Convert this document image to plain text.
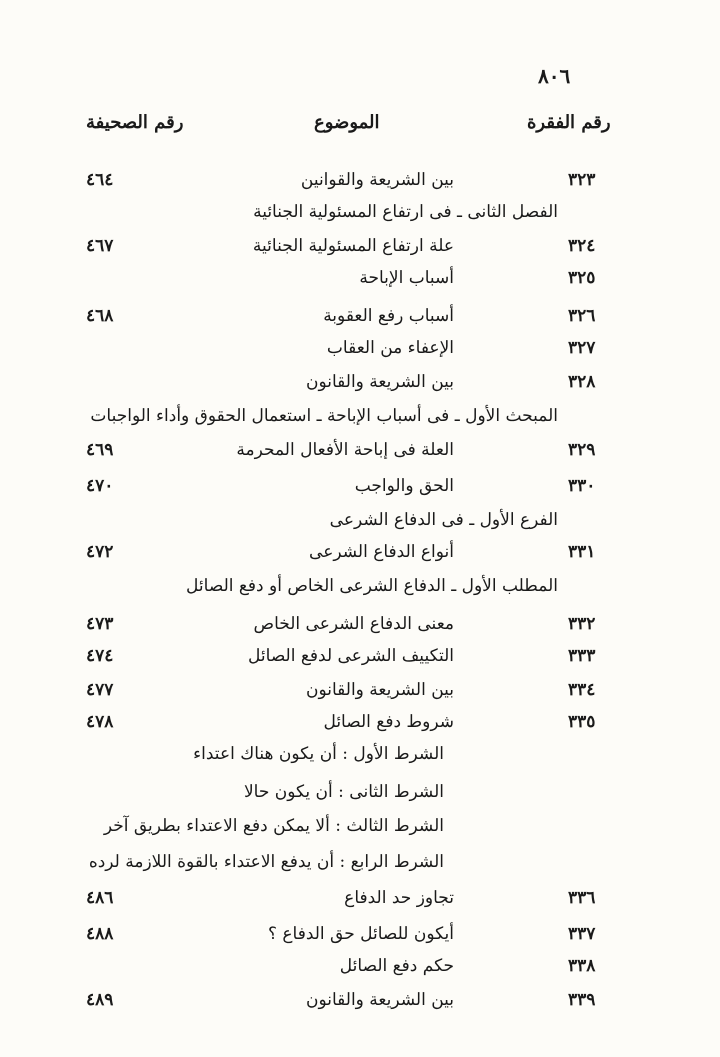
٨٠٦
رقم الفقرة
الموضوع
رقم الصحيفة
٣٢٣
بين الشريعة والقوانين
٤٦٤
الفصل الثانى ـ فى ارتفاع المسئولية الجنائية
٣٢٤
علة ارتفاع المسئولية الجنائية
٤٦٧
٣٢٥
أسباب الإباحة
٣٢٦
أسباب رفع العقوبة
٤٦٨
٣٢٧
الإعفاء من العقاب
٣٢٨
بين الشريعة والقانون
المبحث الأول ـ فى أسباب الإباحة ـ استعمال الحقوق وأداء الواجبات
٣٢٩
العلة فى إباحة الأفعال المحرمة
٤٦٩
٣٣٠
الحق والواجب
٤٧٠
الفرع الأول ـ فى الدفاع الشرعى
٣٣١
أنواع الدفاع الشرعى
٤٧٢
المطلب الأول ـ الدفاع الشرعى الخاص أو دفع الصائل
٣٣٢
معنى الدفاع الشرعى الخاص
٤٧٣
٣٣٣
التكييف الشرعى لدفع الصائل
٤٧٤
٣٣٤
بين الشريعة والقانون
٤٧٧
٣٣٥
شروط دفع الصائل
٤٧٨
الشرط الأول : أن يكون هناك اعتداء
الشرط الثانى : أن يكون حالا
الشرط الثالث : ألا يمكن دفع الاعتداء بطريق آخر
الشرط الرابع : أن يدفع الاعتداء بالقوة اللازمة لرده
٣٣٦
تجاوز حد الدفاع
٤٨٦
٣٣٧
أيكون للصائل حق الدفاع ؟
٤٨٨
٣٣٨
حكم دفع الصائل
٣٣٩
بين الشريعة والقانون
٤٨٩
